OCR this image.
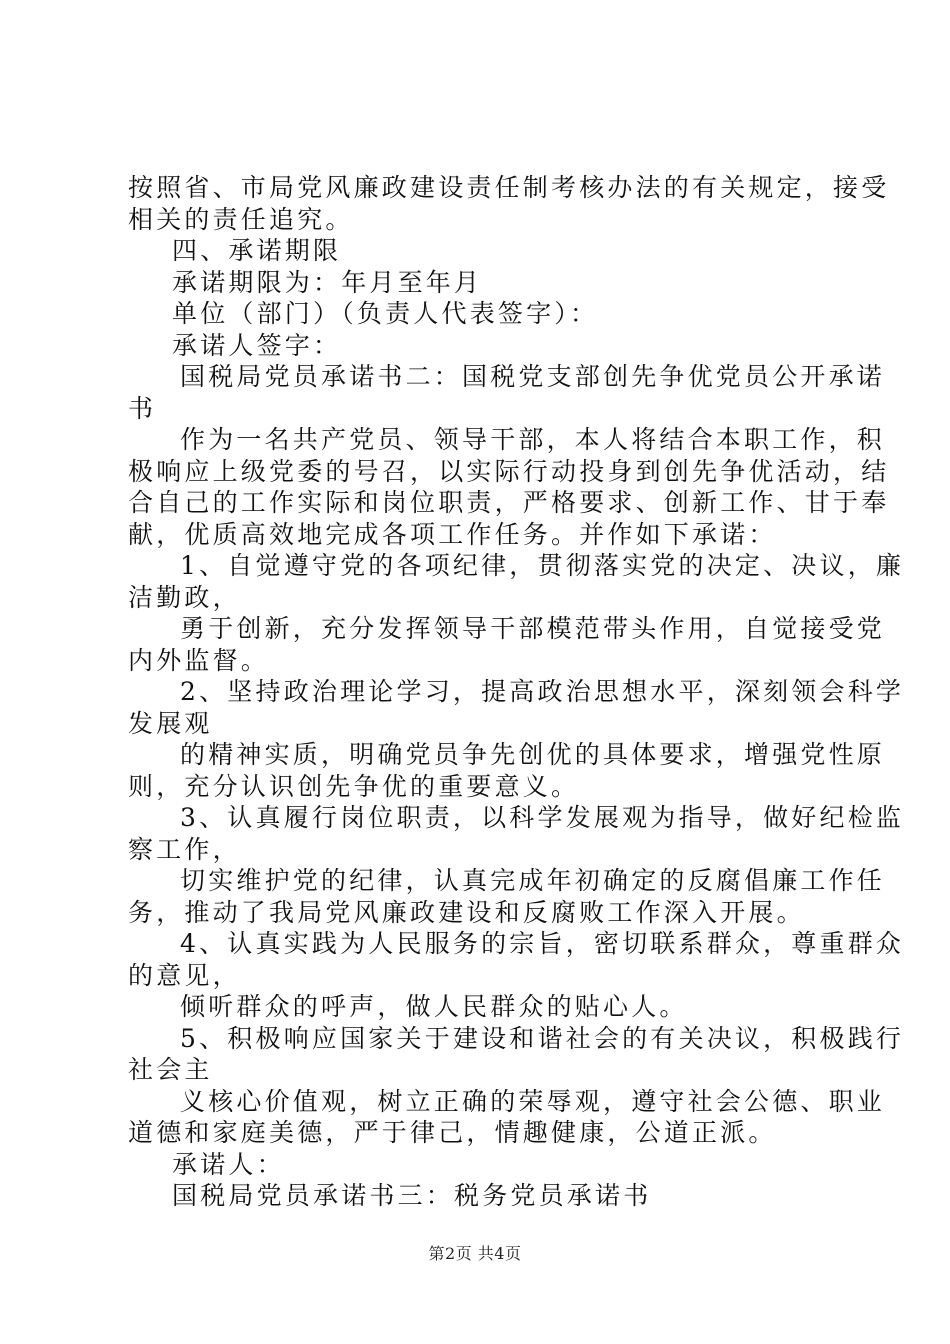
按照省、市局党风廉政建设责任制考核办法的有关规定，接受
相关的责任追究。
四、承诺期限
承诺期限为：年月至年月
单位（部门）（负责人代表签字）：
承诺人签字：
国税局党员承诺书二：国税党支部创先争优党员公开承诺
书
作为一名共产党员、领导干部，本人将结合本职工作，积
极响应上级党委的号召，以实际行动投身到创先争优活动，结
合自己的工作实际和岗位职责，严格要求、创新工作、甘于奉
献，优质高效地完成各项工作任务。并作如下承诺：
1、自觉遵守党的各项纪律，贯彻落实党的决定、决议，廉
洁勤政，
勇于创新，充分发挥领导干部模范带头作用，自觉接受党
内外监督。
2、坚持政治理论学习，提高政治思想水平，深刻领会科学
发展观
的精神实质，明确党员争先创优的具体要求，增强党性原
则，充分认识创先争优的重要意义。
3、认真履行岗位职责，以科学发展观为指导，做好纪检监
察工作，
切实维护党的纪律，认真完成年初确定的反腐倡廉工作任
务，推动了我局党风廉政建设和反腐败工作深入开展。
4、认真实践为人民服务的宗旨，密切联系群众，尊重群众
的意见，
倾听群众的呼声，做人民群众的贴心人。
5、积极响应国家关于建设和谐社会的有关决议，积极践行
社会主
义核心价值观，树立正确的荣辱观，遵守社会公德、职业
道德和家庭美德，严于律己，情趣健康，公道正派。
承诺人：
国税局党员承诺书三：税务党员承诺书
第2页 共4页
